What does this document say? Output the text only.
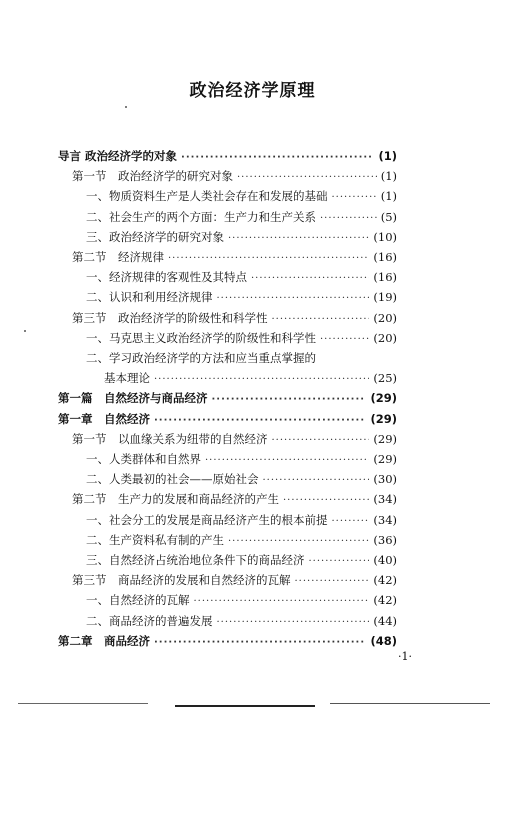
政治经济学原理
导言 政治经济学的对象 ·····	(1)
第一节　政治经济学的研究对象 ·····	(1)
一、物质资料生产是人类社会存在和发展的基础 ·····	(1)
二、社会生产的两个方面：生产力和生产关系 ·····	(5)
三、政治经济学的研究对象 ·····	(10)
第二节　经济规律 ·····	(16)
一、经济规律的客观性及其特点 ·····	(16)
二、认识和利用经济规律 ·····	(19)
第三节　政治经济学的阶级性和科学性 ·····	(20)
一、马克思主义政治经济学的阶级性和科学性 ·····	(20)
二、学习政治经济学的方法和应当重点掌握的
基本理论 ·····	(25)
第一篇　自然经济与商品经济 ·····	(29)
第一章　自然经济 ·····	(29)
第一节　以血缘关系为纽带的自然经济 ·····	(29)
一、人类群体和自然界 ·····	(29)
二、人类最初的社会——原始社会 ·····	(30)
第二节　生产力的发展和商品经济的产生 ·····	(34)
一、社会分工的发展是商品经济产生的根本前提 ·····	(34)
二、生产资料私有制的产生 ·····	(36)
三、自然经济占统治地位条件下的商品经济 ·····	(40)
第三节　商品经济的发展和自然经济的瓦解 ·····	(42)
一、自然经济的瓦解 ·····	(42)
二、商品经济的普遍发展 ·····	(44)
第二章　商品经济 ·····	(48)
·1·
